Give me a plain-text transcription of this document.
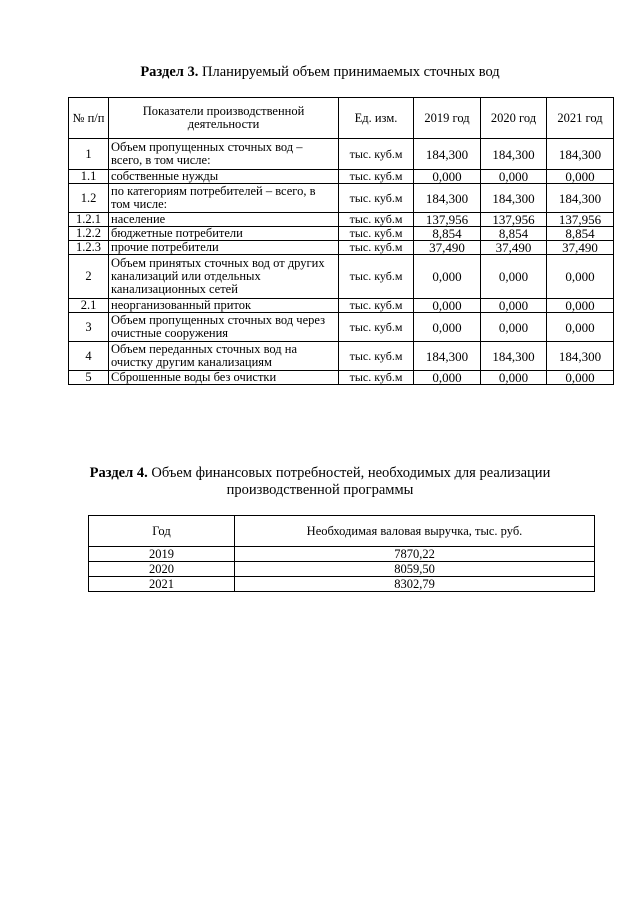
Раздел 3. Планируемый объем принимаемых сточных вод
№ п/п	Показатели производственной деятельности	Ед. изм.	2019 год	2020 год	2021 год
1	Объем пропущенных сточных вод – всего, в том числе:	тыс. куб.м	184,300	184,300	184,300
1.1	собственные нужды	тыс. куб.м	0,000	0,000	0,000
1.2	по категориям потребителей – всего, в том числе:	тыс. куб.м	184,300	184,300	184,300
1.2.1	население	тыс. куб.м	137,956	137,956	137,956
1.2.2	бюджетные потребители	тыс. куб.м	8,854	8,854	8,854
1.2.3	прочие потребители	тыс. куб.м	37,490	37,490	37,490
2	Объем принятых сточных вод от других канализаций или отдельных канализационных сетей	тыс. куб.м	0,000	0,000	0,000
2.1	неорганизованный приток	тыс. куб.м	0,000	0,000	0,000
3	Объем пропущенных сточных вод через очистные сооружения	тыс. куб.м	0,000	0,000	0,000
4	Объем переданных сточных вод на очистку другим канализациям	тыс. куб.м	184,300	184,300	184,300
5	Сброшенные воды без очистки	тыс. куб.м	0,000	0,000	0,000
Раздел 4. Объем финансовых потребностей, необходимых для реализации
производственной программы
Год	Необходимая валовая выручка, тыс. руб.
2019	7870,22
2020	8059,50
2021	8302,79
